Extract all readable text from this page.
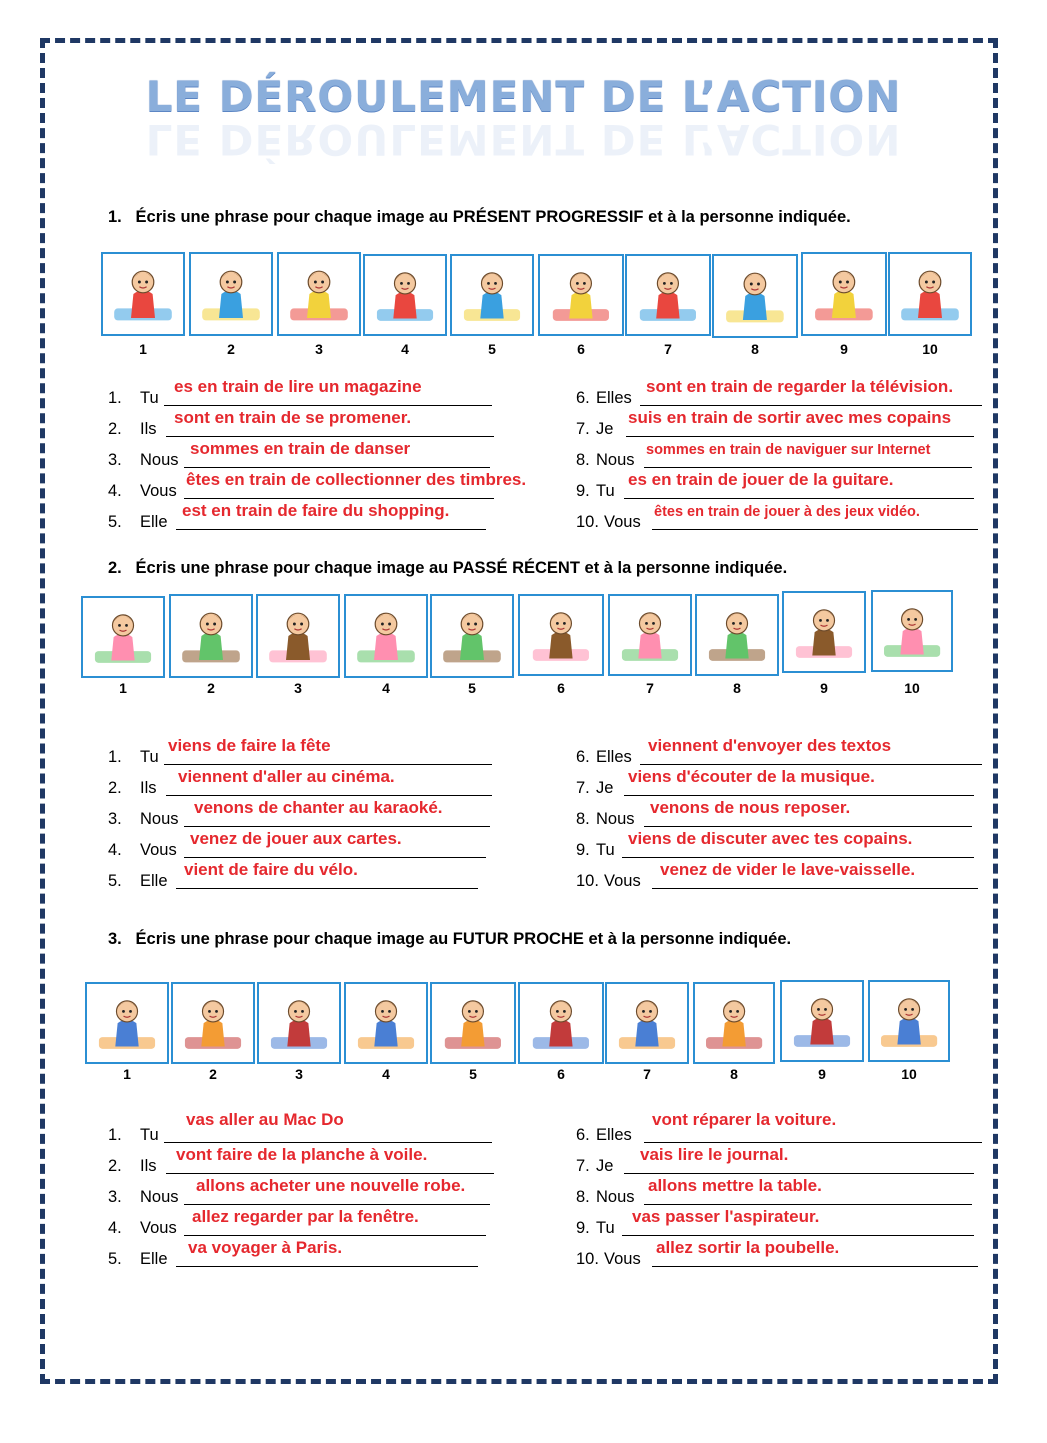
LE DÉROULEMENT DE L’ACTION
LE DÉROULEMENT DE L’ACTION
1. Écris une phrase pour chaque image au PRÉSENT PROGRESSIF et à la personne indiquée.
1	2	3	4	5	6	7	8	9	10
1. Tu
es en train de lire un magazine
2. Ils
sont en train de se promener.
3. Nous
sommes en train de danser
4. Vous
êtes en train de collectionner des timbres.
5. Elle
est en train de faire du shopping.
6. Elles
sont en train de regarder la télévision.
7. Je
suis en train de sortir avec mes copains
8. Nous
sommes en train de naviguer sur Internet
9. Tu
es en train de jouer de la guitare.
10. Vous
êtes en train de jouer à des jeux vidéo.
2. Écris une phrase pour chaque image au PASSÉ RÉCENT et à la personne indiquée.
1	2	3	4	5	6	7	8	9	10
1. Tu
viens de faire la fête
2. Ils
viennent d'aller au cinéma.
3. Nous
venons de chanter au karaoké.
4. Vous
venez de jouer aux cartes.
5. Elle
vient de faire du vélo.
6. Elles
viennent d'envoyer des textos
7. Je
viens d'écouter de la musique.
8. Nous
venons de nous reposer.
9. Tu
viens de discuter avec tes copains.
10. Vous
venez de vider le lave-vaisselle.
3. Écris une phrase pour chaque image au FUTUR PROCHE et à la personne indiquée.
1	2	3	4	5	6	7	8	9	10
1. Tu
vas aller au Mac Do
2. Ils
vont faire de la planche à voile.
3. Nous
allons acheter une nouvelle robe.
4. Vous
allez regarder par la fenêtre.
5. Elle
va voyager à Paris.
6. Elles
vont réparer la voiture.
7. Je
vais lire le journal.
8. Nous
allons mettre la table.
9. Tu
vas passer l'aspirateur.
10. Vous
allez sortir la poubelle.
